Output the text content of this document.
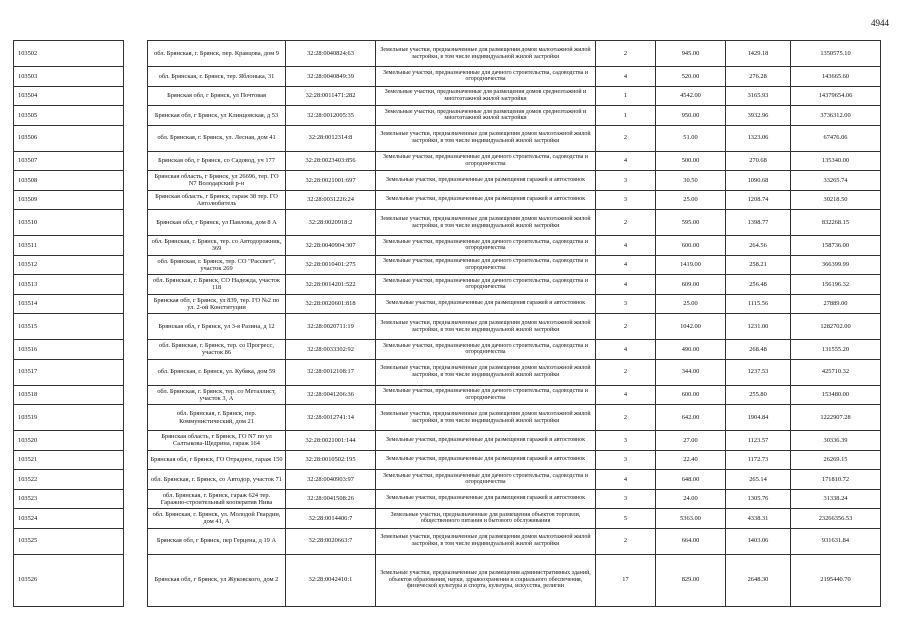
4944
103502		обл. Брянская, г. Брянск, пер. Кравцова, дом 9	32:28:0040824:63	Земельные участки, предназначенные для размещения домов малоэтажной жилой застройки, в том числе индивидуальной жилой застройки	2	945.00	1429.18	1350575.10
103503		обл. Брянская, г. Брянск, тер. Яблонька, 31	32:28:0040849:39	Земельные участки, предназначенные для дачного строительства, садоводства и огородничества	4	520.00	276.28	143665.60
103504		Брянская обл, г Брянск, ул Почтовая	32:28:0011471:282	Земельные участки, предназначенные для размещения домов среднеэтажной и многоэтажной жилой застройки	1	4542.00	3165.93	14379654.06
103505		Брянская обл, г Брянск, ул Клинцовская, д 53	32:28:0012005:35	Земельные участки, предназначенные для размещения домов среднеэтажной и многоэтажной жилой застройки	1	950.00	3932.96	3736312.00
103506		обл. Брянская, г. Брянск, ул. Лесная, дом 41	32:28:0012314:8	Земельные участки, предназначенные для размещения домов малоэтажной жилой застройки, в том числе индивидуальной жилой застройки	2	51.00	1323.06	67476.06
103507		Брянская обл, г Брянск, со Садовод, уч 177	32:28:0023403:856	Земельные участки, предназначенные для дачного строительства, садоводства и огородничества	4	500.00	270.68	135340.00
103508		Брянская область, г Брянск, ул 26696, тер. ГО N7 Володарский р-н	32:28:0021001:697	Земельные участки, предназначенные для размещения гаражей и автостоянок	3	30.50	1090.68	33265.74
103509		Брянская область, г Брянск, гараж 38 тер. ГО Автолюбитель	32:28:0031226:24	Земельные участки, предназначенные для размещения гаражей и автостоянок	3	25.00	1208.74	30218.50
103510		Брянская обл, г Брянск, ул Павлова, дом 8 А	32:28:0020918:2	Земельные участки, предназначенные для размещения домов малоэтажной жилой застройки, в том числе индивидуальной жилой застройки	2	595.00	1398.77	832268.15
103511		обл. Брянская, г. Брянск, тер. со Автодорожник, 369	32:28:0040904:307	Земельные участки, предназначенные для дачного строительства, садоводства и огородничества	4	600.00	264.56	158736.00
103512		обл. Брянская, г. Брянск, тер. СО "Рассвет", участок 269	32:28:0010401:275	Земельные участки, предназначенные для дачного строительства, садоводства и огородничества	4	1419.00	258.21	366399.99
103513		обл. Брянская, г. Брянск, СО Надежда, участок 118	32:28:0014201:522	Земельные участки, предназначенные для дачного строительства, садоводства и огородничества	4	609.00	256.48	156196.32
103514		Брянская обл, г Брянск, ул 839, тер. ГО №2 по ул. 2-ой Конституции	32:28:0020601:818	Земельные участки, предназначенные для размещения гаражей и автостоянок	3	25.00	1115.56	27889.00
103515		Брянская обл, г Брянск, ул 3-я Разина, д 12	32:28:0020711:19	Земельные участки, предназначенные для размещения домов малоэтажной жилой застройки, в том числе индивидуальной жилой застройки	2	1042.00	1231.00	1282702.00
103516		обл. Брянская, г. Брянск, тер. со Прогресс, участок 86	32:28:0033302:92	Земельные участки, предназначенные для дачного строительства, садоводства и огородничества	4	490.00	268.48	131555.20
103517		обл. Брянская, г. Брянск, ул. Кубяка, дом 59	32:28:0012108:17	Земельные участки, предназначенные для размещения домов малоэтажной жилой застройки, в том числе индивидуальной жилой застройки	2	344.00	1237.53	425710.32
103518		обл. Брянская, г. Брянск, тер. со Металлист, участок 3, А	32:28:0041206:36	Земельные участки, предназначенные для дачного строительства, садоводства и огородничества	4	600.00	255.80	153480.00
103519		обл. Брянская, г. Брянск, пер. Коммунистический, дом 21	32:28:0012741:14	Земельные участки, предназначенные для размещения домов малоэтажной жилой застройки, в том числе индивидуальной жилой застройки	2	642.00	1904.84	1222907.28
103520		Брянская область, г Брянск, ГО N7 по ул Салтыкова-Щедрина, гараж 164	32:28:0021001:144	Земельные участки, предназначенные для размещения гаражей и автостоянок	3	27.00	1123.57	30336.39
103521		Брянская обл, г Брянск, ГО Отрадное, гараж 150	32:28:0010502:195	Земельные участки, предназначенные для размещения гаражей и автостоянок	3	22.40	1172.73	26269.15
103522		обл. Брянская, г. Брянск, со Автодор, участок 71	32:28:0040903:97	Земельные участки, предназначенные для дачного строительства, садоводства и огородничества	4	648.00	265.14	171810.72
103523		обл. Брянская, г. Брянск, гараж 624 тер. Гаражно-строительный кооператив Нива	32:28:0041508:26	Земельные участки, предназначенные для размещения гаражей и автостоянок	3	24.00	1305.76	31338.24
103524		обл. Брянская, г. Брянск, ул. Молодой Гвардии, дом 41, А	32:28:0014406:7	Земельные участки, предназначенные для размещения объектов торговли, общественного питания и бытового обслуживания	5	5363.00	4338.31	23266356.53
103525		Брянская обл, г Брянск, пер Герцена, д 19 А	32:28:0020663:7	Земельные участки, предназначенные для размещения домов малоэтажной жилой застройки, в том числе индивидуальной жилой застройки	2	664.00	1403.06	931631.84
103526		Брянская обл, г Брянск, ул Жуковского, дом 2	32:28:0042410:1	Земельные участки, предназначенные для размещения административных зданий, объектов образования, науки, здравоохранения и социального обеспечения, физической культуры и спорта, культуры, искусства, религии	17	829.00	2648.30	2195440.70
